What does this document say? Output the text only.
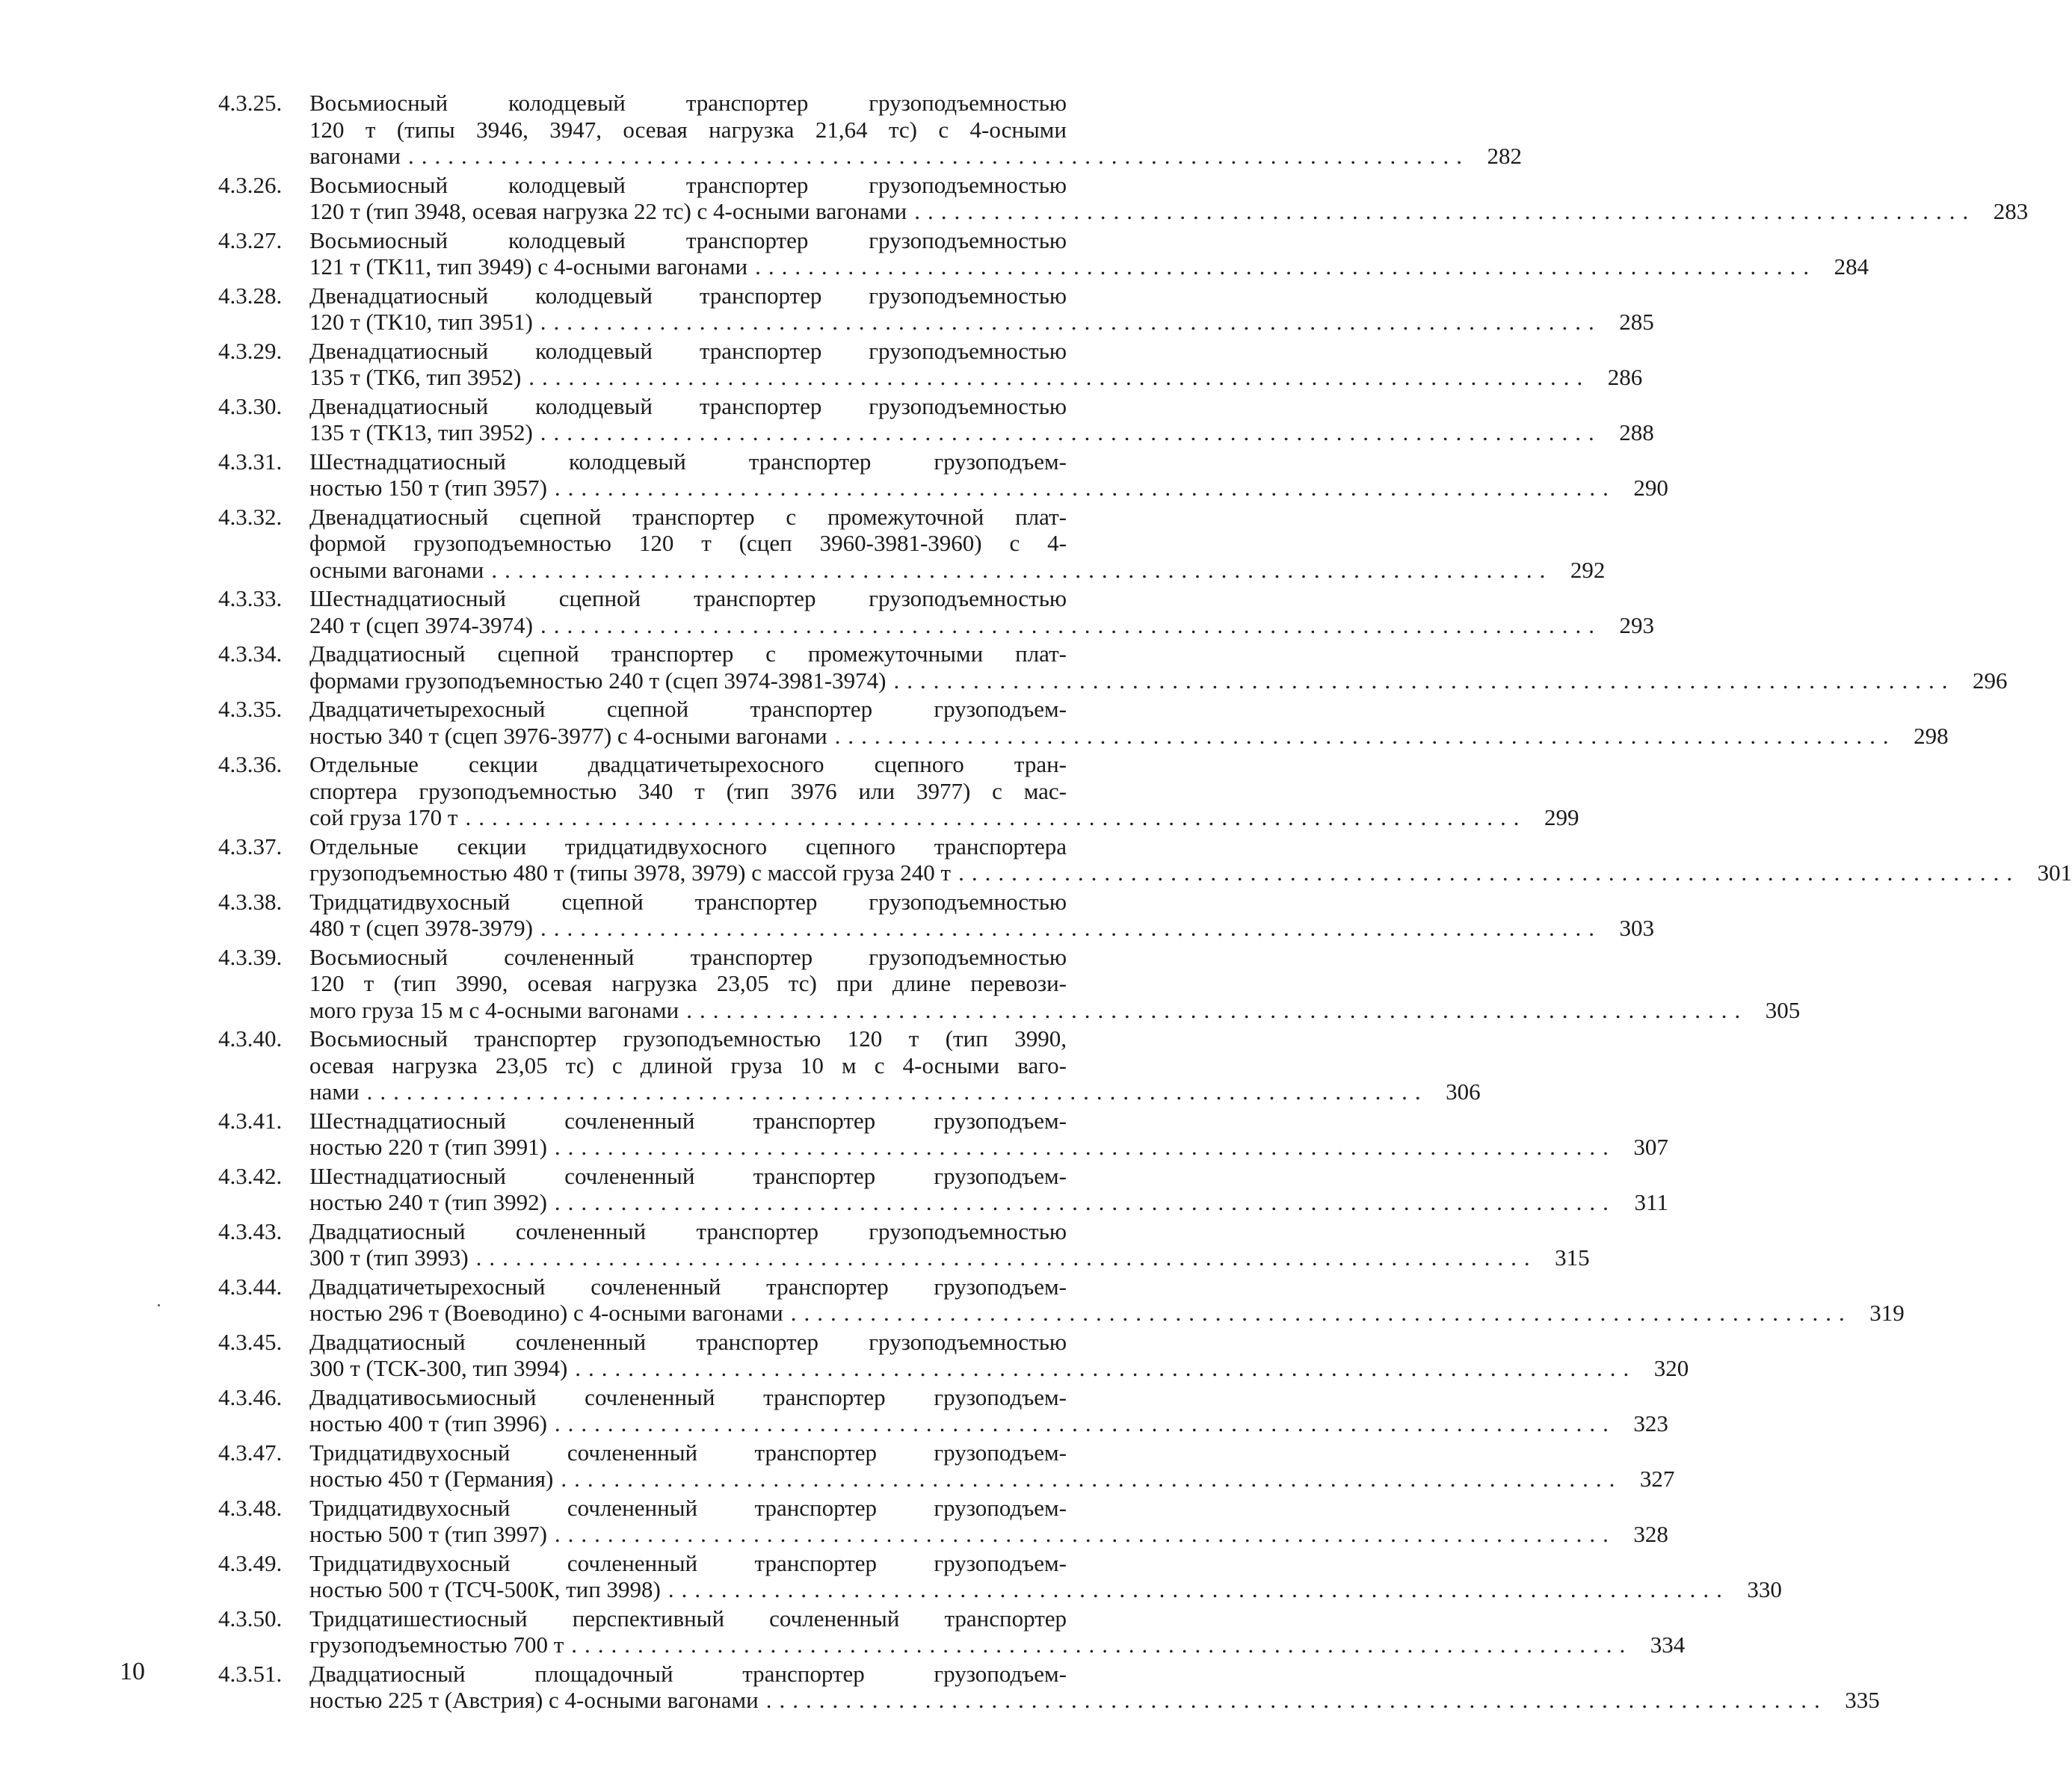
4.3.25.	Восьмиосный колодцевый транспортер грузоподъемностью
120 т (типы 3946, 3947, осевая нагрузка 21,64 тс) с 4-осными
вагонами ................................................................................ 282
4.3.26.	Восьмиосный колодцевый транспортер грузоподъемностью
120 т (тип 3948, осевая нагрузка 22 тс) с 4-осными вагонами ................................................................................ 283
4.3.27.	Восьмиосный колодцевый транспортер грузоподъемностью
121 т (ТК11, тип 3949) с 4-осными вагонами ................................................................................ 284
4.3.28.	Двенадцатиосный колодцевый транспортер грузоподъемностью
120 т (ТК10, тип 3951) ................................................................................ 285
4.3.29.	Двенадцатиосный колодцевый транспортер грузоподъемностью
135 т (ТК6, тип 3952) ................................................................................ 286
4.3.30.	Двенадцатиосный колодцевый транспортер грузоподъемностью
135 т (ТК13, тип 3952) ................................................................................ 288
4.3.31.	Шестнадцатиосный колодцевый транспортер грузоподъем-
ностью 150 т (тип 3957) ................................................................................ 290
4.3.32.	Двенадцатиосный сцепной транспортер с промежуточной плат-
формой грузоподъемностью 120 т (сцеп 3960-3981-3960) с 4-
осными вагонами ................................................................................ 292
4.3.33.	Шестнадцатиосный сцепной транспортер грузоподъемностью
240 т (сцеп 3974-3974) ................................................................................ 293
4.3.34.	Двадцатиосный сцепной транспортер с промежуточными плат-
формами грузоподъемностью 240 т (сцеп 3974-3981-3974) ................................................................................ 296
4.3.35.	Двадцатичетырехосный сцепной транспортер грузоподъем-
ностью 340 т (сцеп 3976-3977) с 4-осными вагонами ................................................................................ 298
4.3.36.	Отдельные секции двадцатичетырехосного сцепного тран-
спортера грузоподъемностью 340 т (тип 3976 или 3977) с мас-
сой груза 170 т ................................................................................ 299
4.3.37.	Отдельные секции тридцатидвухосного сцепного транспортера
грузоподъемностью 480 т (типы 3978, 3979) с массой груза 240 т ................................................................................ 301
4.3.38.	Тридцатидвухосный сцепной транспортер грузоподъемностью
480 т (сцеп 3978-3979) ................................................................................ 303
4.3.39.	Восьмиосный сочлененный транспортер грузоподъемностью
120 т (тип 3990, осевая нагрузка 23,05 тс) при длине перевози-
мого груза 15 м с 4-осными вагонами ................................................................................ 305
4.3.40.	Восьмиосный транспортер грузоподъемностью 120 т (тип 3990,
осевая нагрузка 23,05 тс) с длиной груза 10 м с 4-осными ваго-
нами ................................................................................ 306
4.3.41.	Шестнадцатиосный сочлененный транспортер грузоподъем-
ностью 220 т (тип 3991) ................................................................................ 307
4.3.42.	Шестнадцатиосный сочлененный транспортер грузоподъем-
ностью 240 т (тип 3992) ................................................................................ 311
4.3.43.	Двадцатиосный сочлененный транспортер грузоподъемностью
300 т (тип 3993) ................................................................................ 315
4.3.44.	Двадцатичетырехосный сочлененный транспортер грузоподъем-
ностью 296 т (Воеводино) с 4-осными вагонами ................................................................................ 319
4.3.45.	Двадцатиосный сочлененный транспортер грузоподъемностью
300 т (ТСК-300, тип 3994) ................................................................................ 320
4.3.46.	Двадцативосьмиосный сочлененный транспортер грузоподъем-
ностью 400 т (тип 3996) ................................................................................ 323
4.3.47.	Тридцатидвухосный сочлененный транспортер грузоподъем-
ностью 450 т (Германия) ................................................................................ 327
4.3.48.	Тридцатидвухосный сочлененный транспортер грузоподъем-
ностью 500 т (тип 3997) ................................................................................ 328
4.3.49.	Тридцатидвухосный сочлененный транспортер грузоподъем-
ностью 500 т (ТСЧ-500К, тип 3998) ................................................................................ 330
4.3.50.	Тридцатишестиосный перспективный сочлененный транспортер
грузоподъемностью 700 т ................................................................................ 334
4.3.51.	Двадцатиосный площадочный транспортер грузоподъем-
ностью 225 т (Австрия) с 4-осными вагонами ................................................................................ 335
10
